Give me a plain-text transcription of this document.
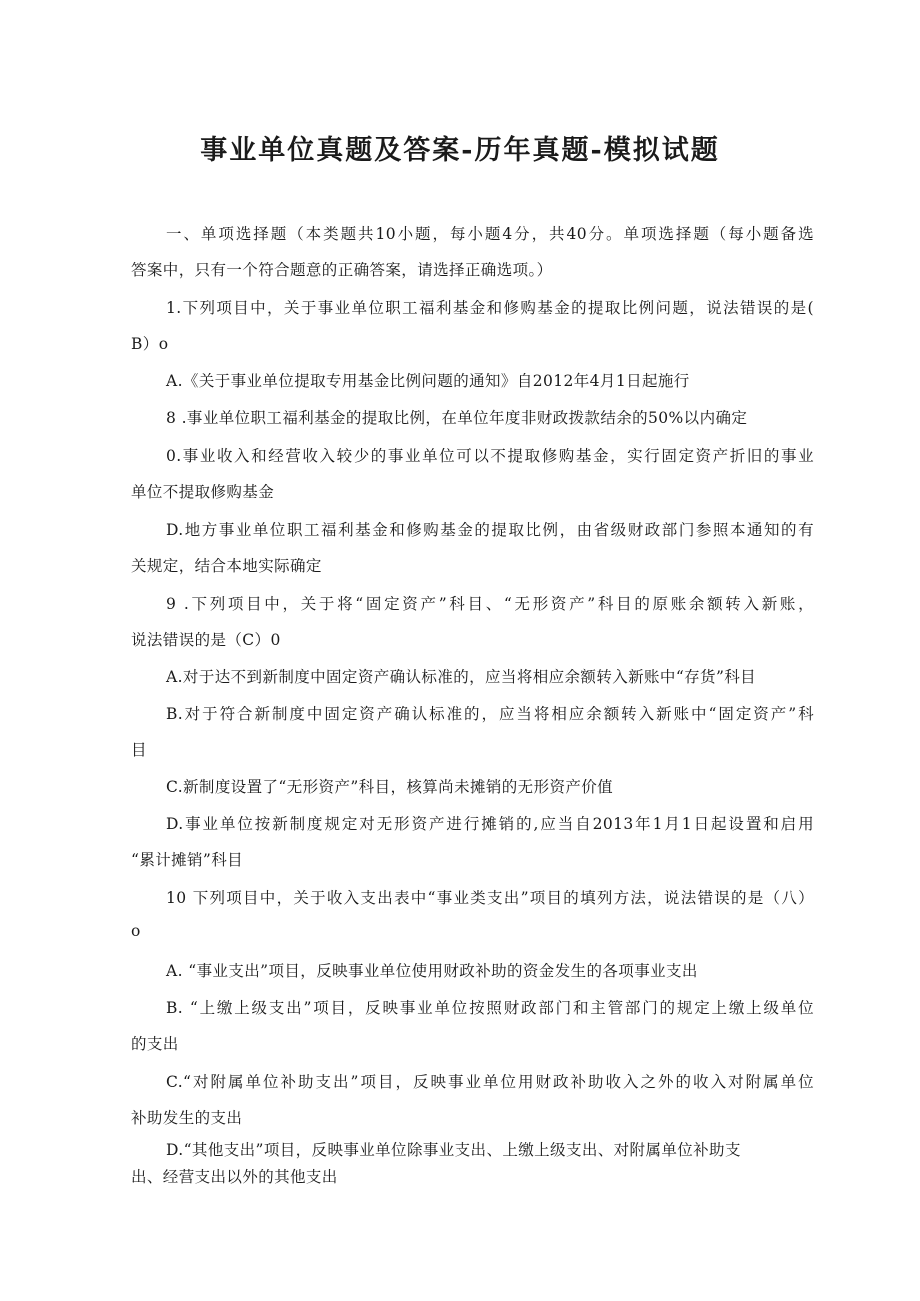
事业单位真题及答案-历年真题-模拟试题
一、单项选择题（本类题共10小题，每小题4分，共40分。单项选择题（每小题备选
答案中，只有一个符合题意的正确答案，请选择正确选项。）
1.下列项目中，关于事业单位职工福利基金和修购基金的提取比例问题，说法错误的是(
B）o
A.《关于事业单位提取专用基金比例问题的通知》自2012年4月1日起施行
8 .事业单位职工福利基金的提取比例，在单位年度非财政拨款结余的50%以内确定
0.事业收入和经营收入较少的事业单位可以不提取修购基金，实行固定资产折旧的事业
单位不提取修购基金
D.地方事业单位职工福利基金和修购基金的提取比例，由省级财政部门参照本通知的有
关规定，结合本地实际确定
9 .下列项目中，关于将“固定资产”科目、“无形资产”科目的原账余额转入新账，
说法错误的是（C）0
A.对于达不到新制度中固定资产确认标准的，应当将相应余额转入新账中“存货”科目
B.对于符合新制度中固定资产确认标准的，应当将相应余额转入新账中“固定资产”科
目
C.新制度设置了“无形资产”科目，核算尚未摊销的无形资产价值
D.事业单位按新制度规定对无形资产进行摊销的,应当自2013年1月1日起设置和启用
“累计摊销”科目
10 下列项目中，关于收入支出表中“事业类支出”项目的填列方法，说法错误的是（八）
o
A. “事业支出”项目，反映事业单位使用财政补助的资金发生的各项事业支出
B. “上缴上级支出”项目，反映事业单位按照财政部门和主管部门的规定上缴上级单位
的支出
C.“对附属单位补助支出”项目，反映事业单位用财政补助收入之外的收入对附属单位
补助发生的支出
D.“其他支出”项目，反映事业单位除事业支出、上缴上级支出、对附属单位补助支
出、经营支出以外的其他支出
